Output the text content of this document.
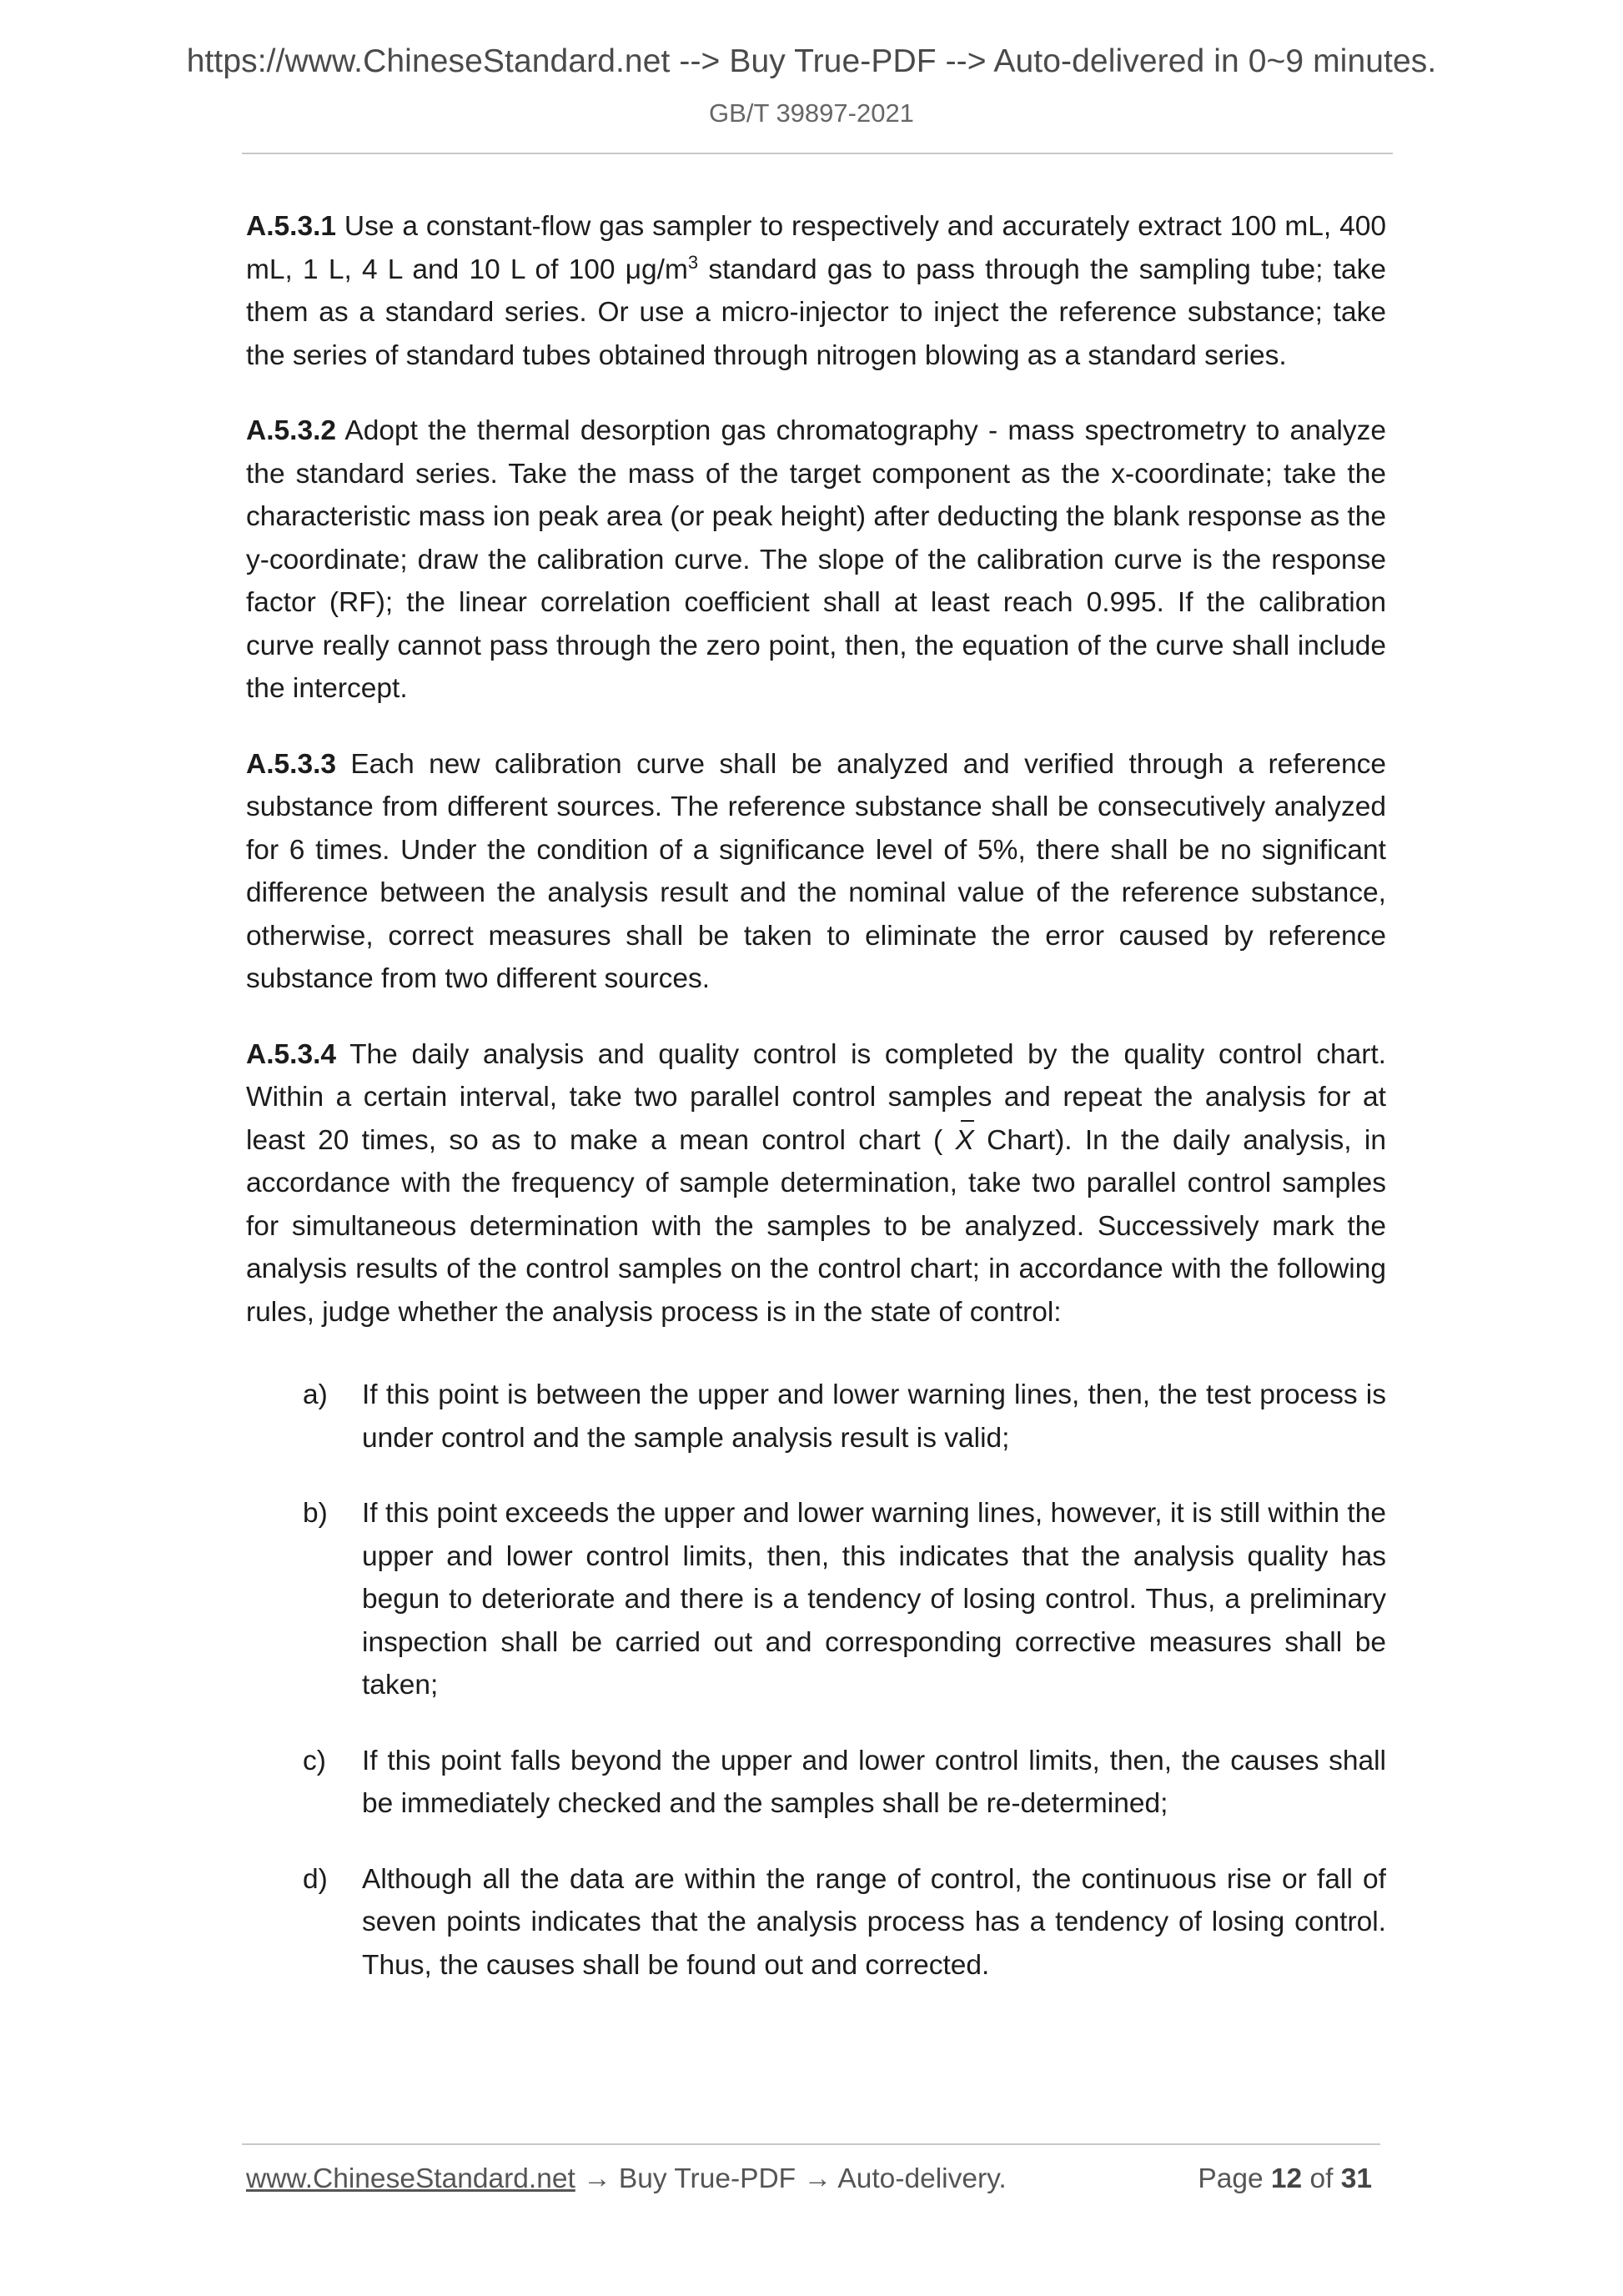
https://www.ChineseStandard.net --> Buy True-PDF --> Auto-delivered in 0~9 minutes.
GB/T 39897-2021

A.5.3.1 Use a constant-flow gas sampler to respectively and accurately extract 100 mL, 400 mL, 1 L, 4 L and 10 L of 100 $\mu g/m^3$ standard gas to pass through the sampling tube; take them as a standard series. Or use a micro-injector to inject the reference substance; take the series of standard tubes obtained through nitrogen blowing as a standard series.

A.5.3.2 Adopt the thermal desorption gas chromatography - mass spectrometry to analyze the standard series. Take the mass of the target component as the x-coordinate; take the characteristic mass ion peak area (or peak height) after deducting the blank response as the y-coordinate; draw the calibration curve. The slope of the calibration curve is the response factor (RF); the linear correlation coefficient shall at least reach 0.995. If the calibration curve really cannot pass through the zero point, then, the equation of the curve shall include the intercept.

A.5.3.3 Each new calibration curve shall be analyzed and verified through a reference substance from different sources. The reference substance shall be consecutively analyzed for 6 times. Under the condition of a significance level of 5%, there shall be no significant difference between the analysis result and the nominal value of the reference substance, otherwise, correct measures shall be taken to eliminate the error caused by reference substance from two different sources.

A.5.3.4 The daily analysis and quality control is completed by the quality control chart. Within a certain interval, take two parallel control samples and repeat the analysis for at least 20 times, so as to make a mean control chart ( X Chart). In the daily analysis, in accordance with the frequency of sample determination, take two parallel control samples for simultaneous determination with the samples to be analyzed. Successively mark the analysis results of the control samples on the control chart; in accordance with the following rules, judge whether the analysis process is in the state of control:

a) If this point is between the upper and lower warning lines, then, the test process is under control and the sample analysis result is valid;
b) If this point exceeds the upper and lower warning lines, however, it is still within the upper and lower control limits, then, this indicates that the analysis quality has begun to deteriorate and there is a tendency of losing control. Thus, a preliminary inspection shall be carried out and corresponding corrective measures shall be taken;
c) If this point falls beyond the upper and lower control limits, then, the causes shall be immediately checked and the samples shall be re-determined;
d) Although all the data are within the range of control, the continuous rise or fall of seven points indicates that the analysis process has a tendency of losing control. Thus, the causes shall be found out and corrected.
www.ChineseStandard.net → Buy True-PDF → Auto-delivery.	Page 12 of 31
